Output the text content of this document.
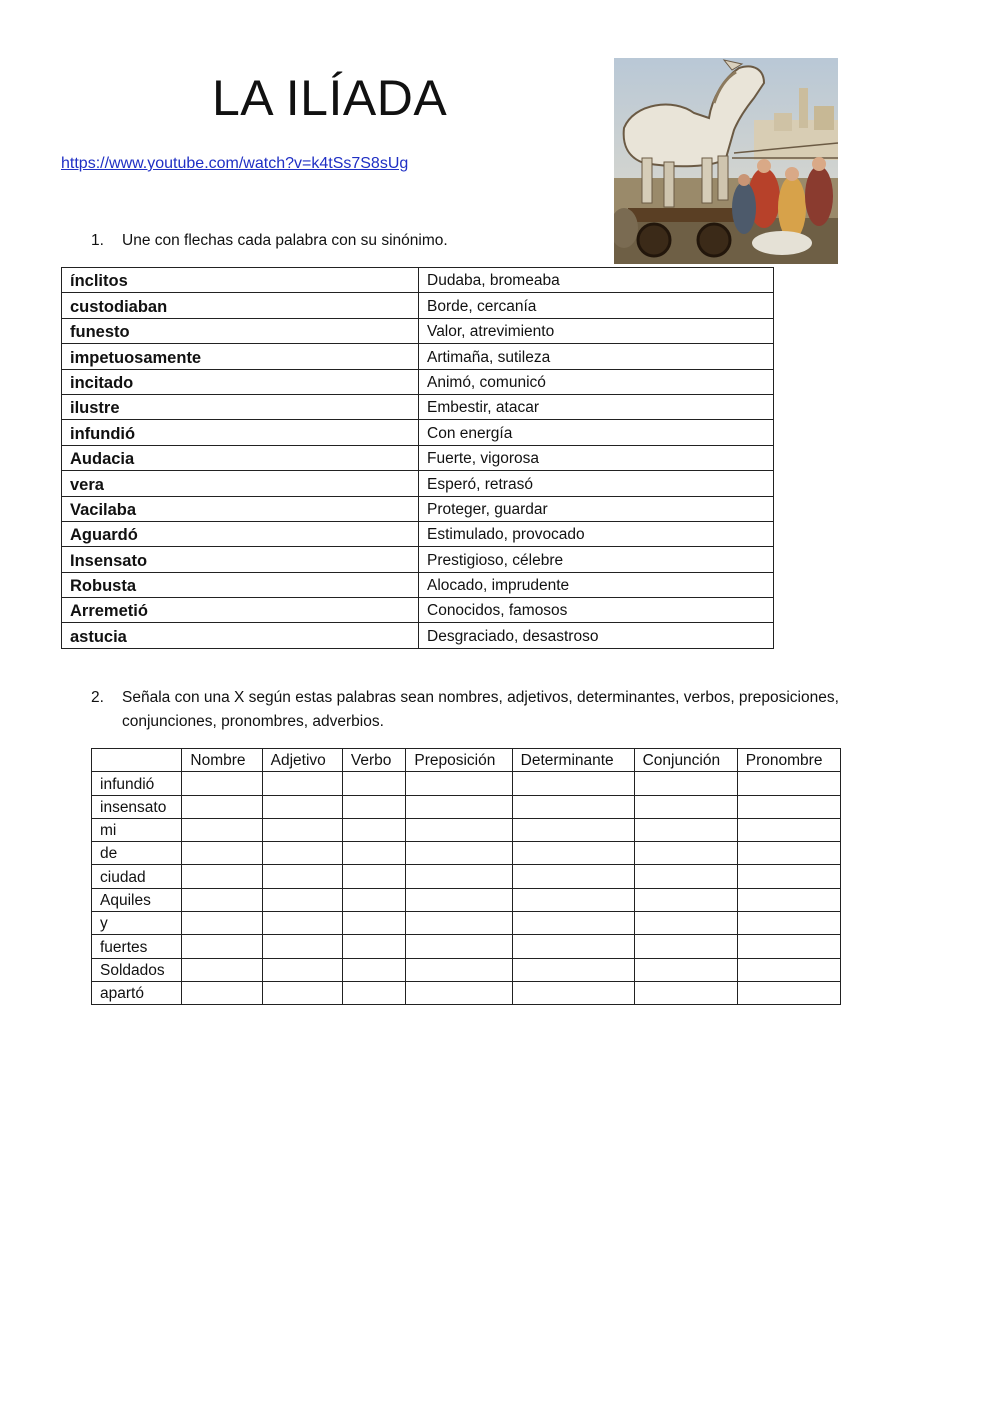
LA ILÍADA
https://www.youtube.com/watch?v=k4tSs7S8sUg
1. Une con flechas cada palabra con su sinónimo.
ínclitos	Dudaba, bromeaba
custodiaban	Borde, cercanía
funesto	Valor, atrevimiento
impetuosamente	Artimaña, sutileza
incitado	Animó, comunicó
ilustre	Embestir, atacar
infundió	Con energía
Audacia	Fuerte, vigorosa
vera	Esperó, retrasó
Vacilaba	Proteger, guardar
Aguardó	Estimulado, provocado
Insensato	Prestigioso, célebre
Robusta	Alocado, imprudente
Arremetió	Conocidos, famosos
astucia	Desgraciado, desastroso
2. Señala con una X según estas palabras sean nombres, adjetivos, determinantes, verbos, preposiciones,
conjunciones, pronombres, adverbios.
	Nombre	Adjetivo	Verbo	Preposición	Determinante	Conjunción	Pronombre
infundió							
insensato							
mi							
de							
ciudad							
Aquiles							
y							
fuertes							
Soldados							
apartó							
